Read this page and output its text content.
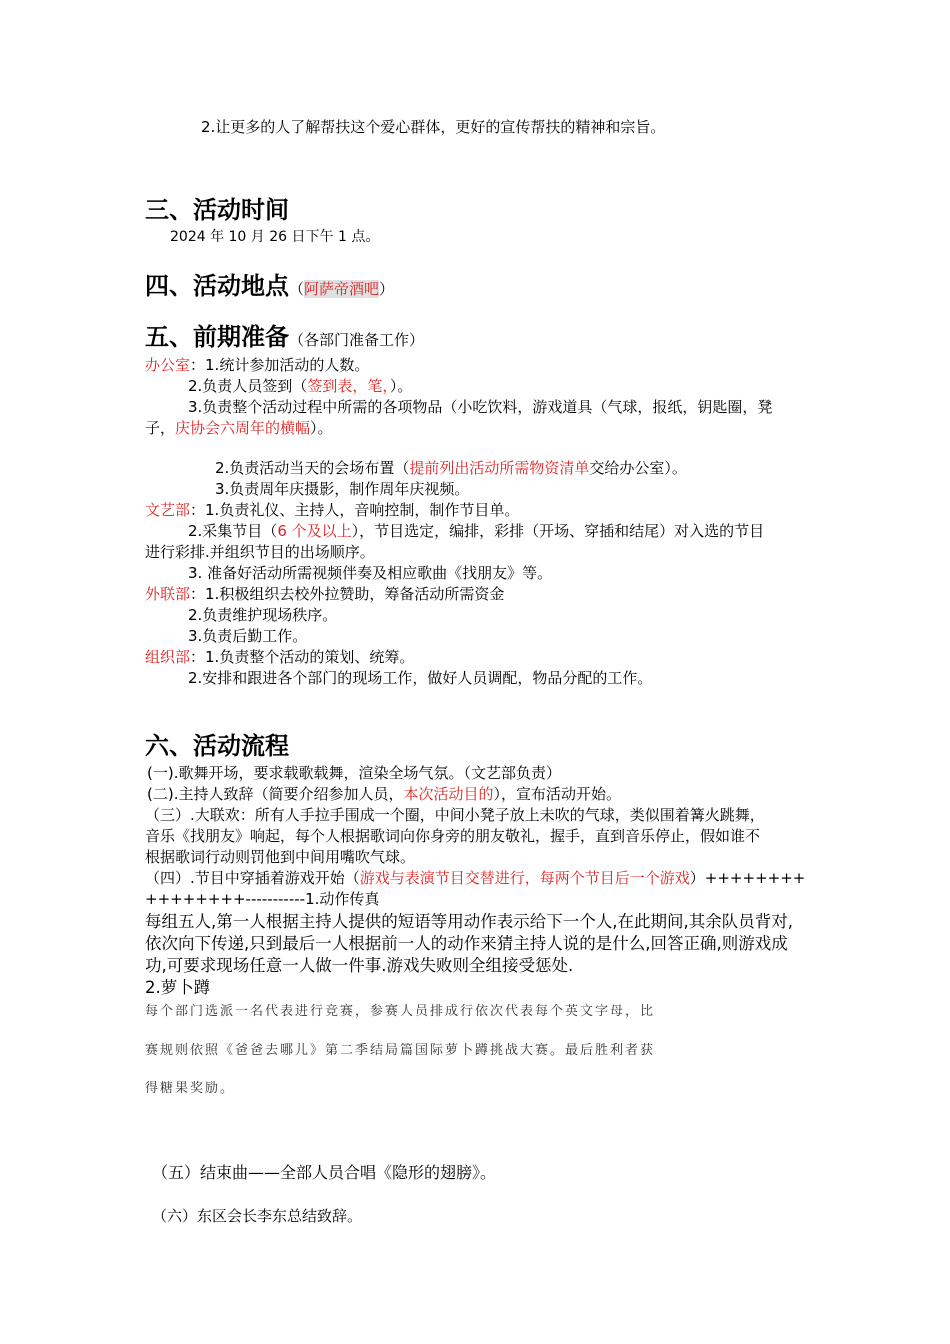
2.让更多的人了解帮扶这个爱心群体，更好的宣传帮扶的精神和宗旨。
三、活动时间
2024 年 10 月 26 日下午 1 点。
四、活动地点（阿萨帝酒吧）
五、前期准备（各部门准备工作）
办公室：1.统计参加活动的人数。
2.负责人员签到（签到表，笔，）。
3.负责整个活动过程中所需的各项物品（小吃饮料，游戏道具（气球，报纸，钥匙圈，凳
子，庆协会六周年的横幅）。
2.负责活动当天的会场布置（提前列出活动所需物资清单交给办公室）。
3.负责周年庆摄影，制作周年庆视频。
文艺部：1.负责礼仪、主持人，音响控制，制作节目单。
2.采集节目（6 个及以上），节目选定，编排，彩排（开场、穿插和结尾）对入选的节目
进行彩排.并组织节目的出场顺序。
3. 准备好活动所需视频伴奏及相应歌曲《找朋友》等。
外联部：1.积极组织去校外拉赞助，筹备活动所需资金
2.负责维护现场秩序。
3.负责后勤工作。
组织部：1.负责整个活动的策划、统筹。
2.安排和跟进各个部门的现场工作，做好人员调配，物品分配的工作。
六、活动流程
(一).歌舞开场，要求载歌载舞，渲染全场气氛。（文艺部负责）
(二).主持人致辞（简要介绍参加人员，本次活动目的），宣布活动开始。
（三）.大联欢：所有人手拉手围成一个圈，中间小凳子放上未吹的气球，类似围着篝火跳舞，
音乐《找朋友》响起，每个人根据歌词向你身旁的朋友敬礼，握手，直到音乐停止，假如谁不
根据歌词行动则罚他到中间用嘴吹气球。
（四）.节目中穿插着游戏开始（游戏与表演节目交替进行，每两个节目后一个游戏）++++++++
++++++++-----------1.动作传真
每组五人,第一人根据主持人提供的短语等用动作表示给下一个人,在此期间,其余队员背对,
依次向下传递,只到最后一人根据前一人的动作来猜主持人说的是什么,回答正确,则游戏成
功,可要求现场任意一人做一件事.游戏失败则全组接受惩处.
2.萝卜蹲
每个部门选派一名代表进行竞赛，参赛人员排成行依次代表每个英文字母，比
赛规则依照《爸爸去哪儿》第二季结局篇国际萝卜蹲挑战大赛。最后胜利者获
得糖果奖励。
（五）结束曲——全部人员合唱《隐形的翅膀》。
（六）东区会长李东总结致辞。
